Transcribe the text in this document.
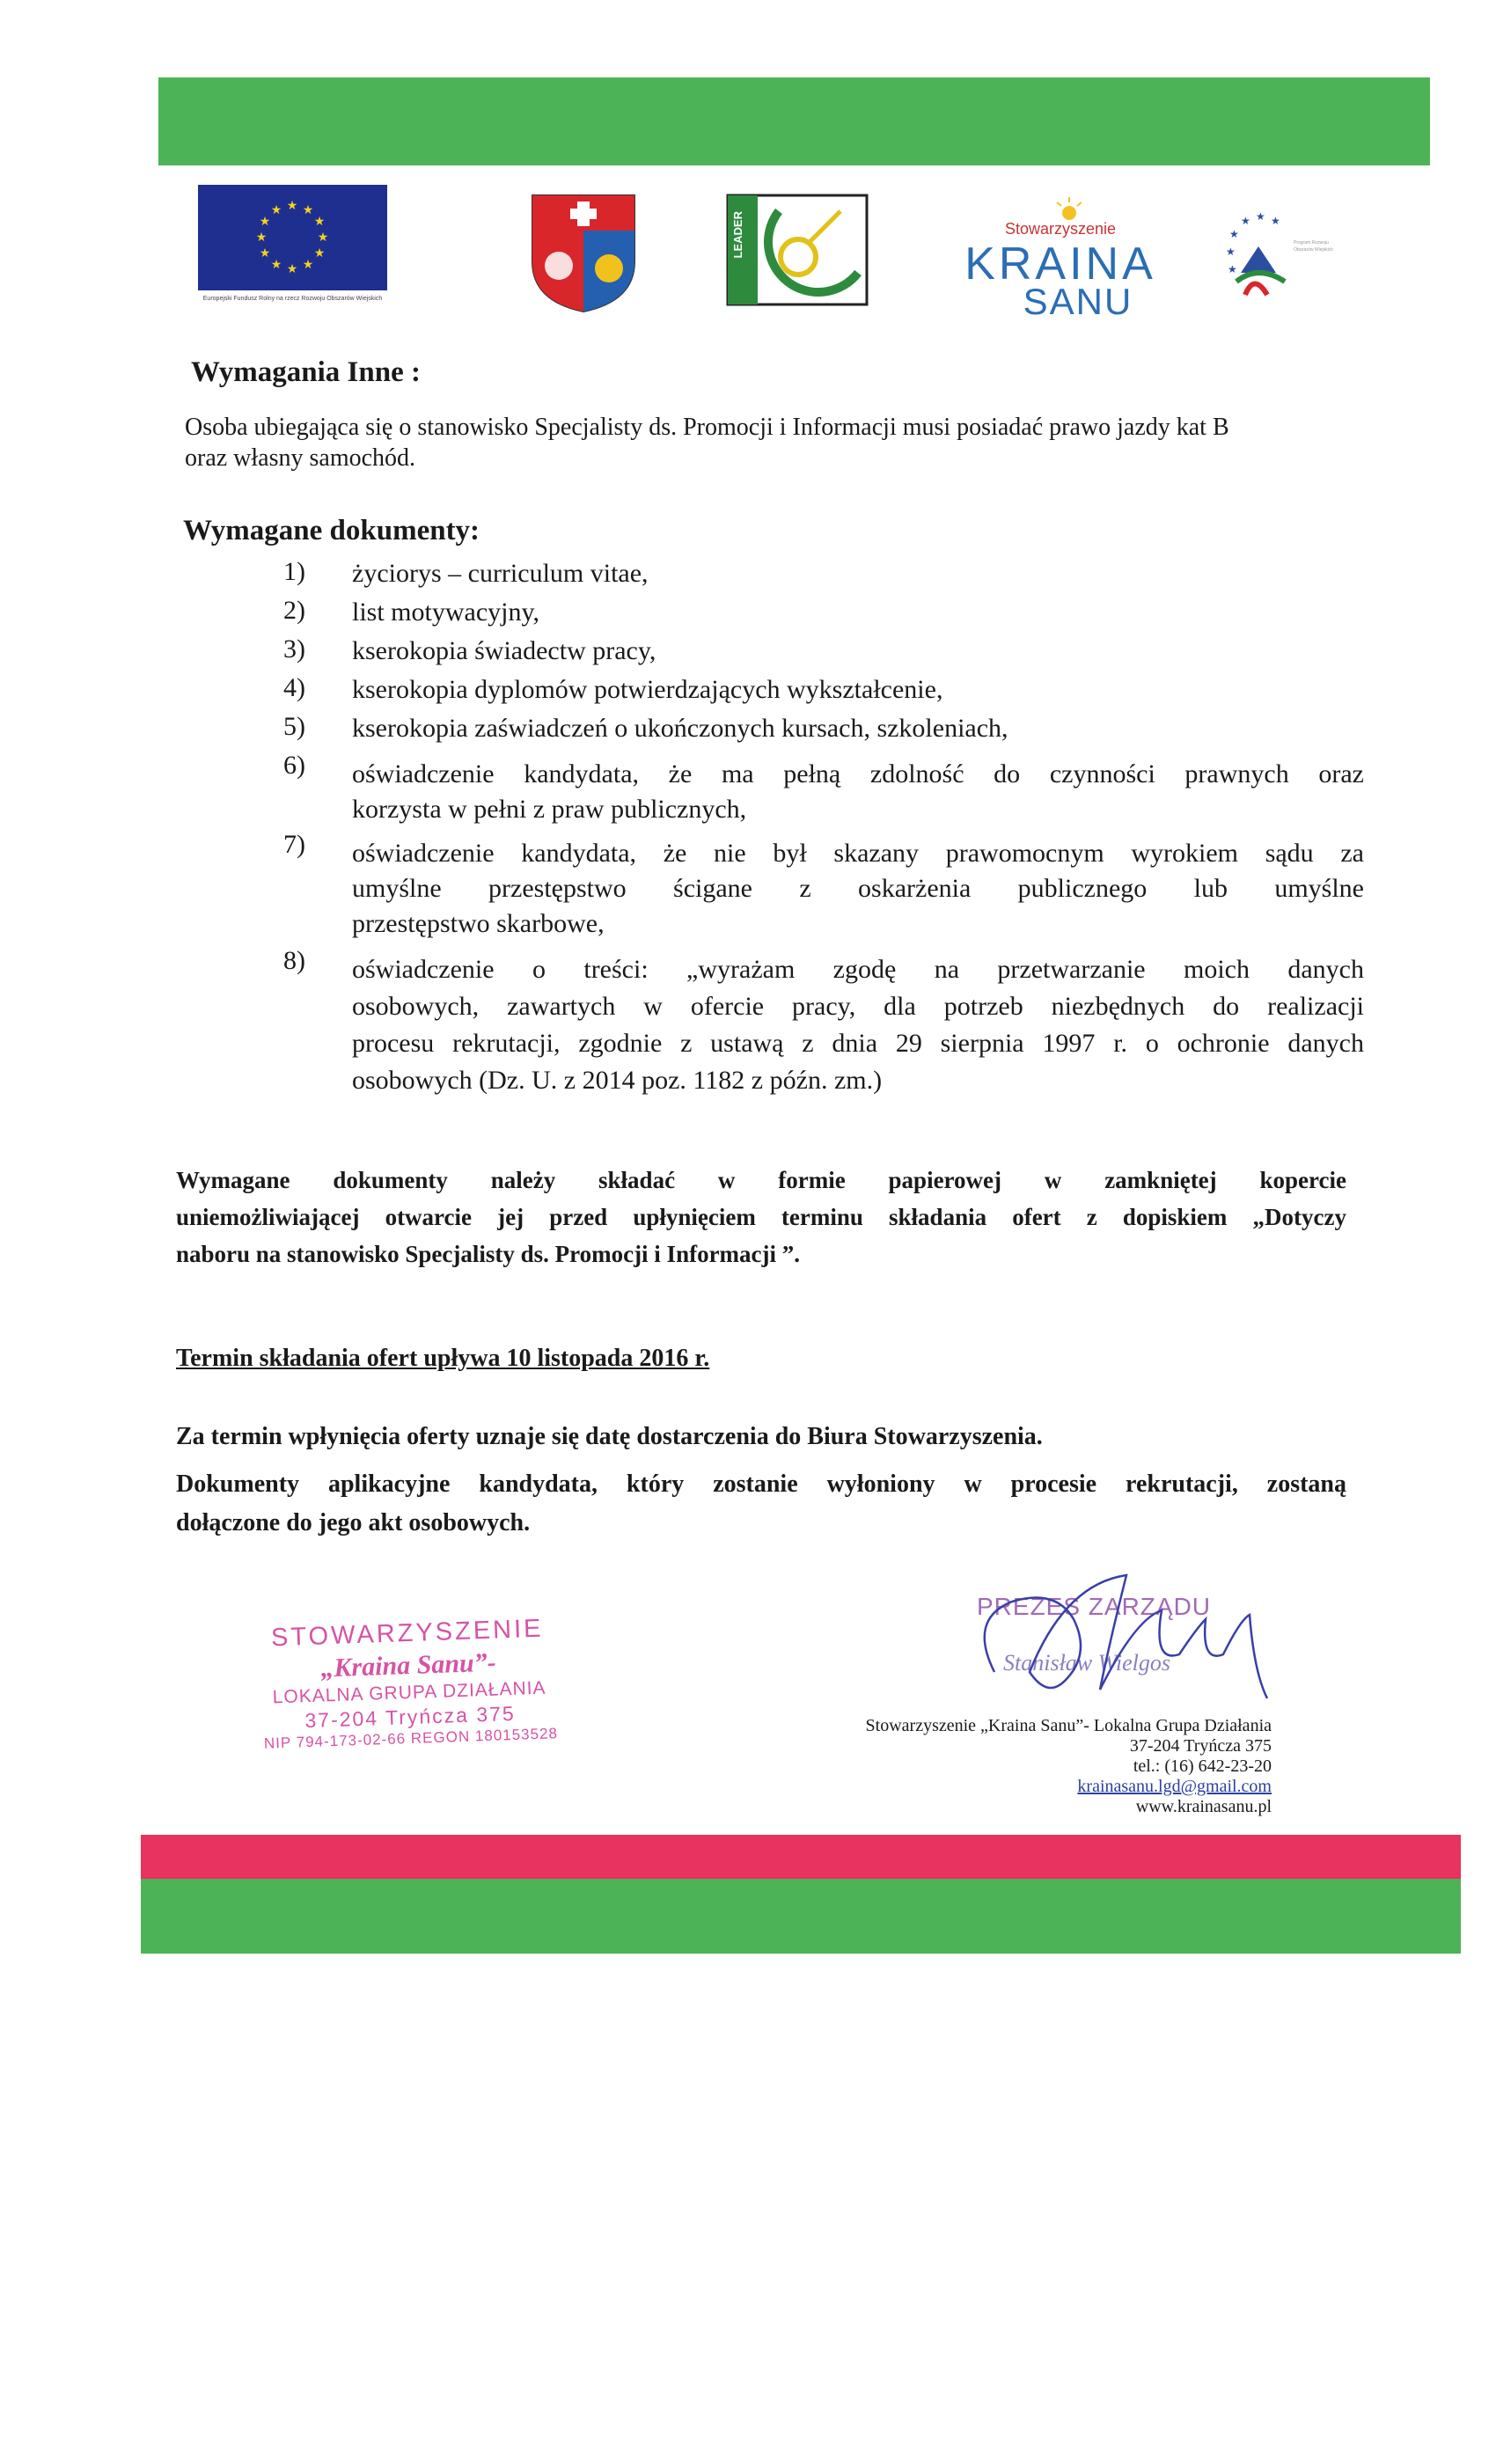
★ ★
★
★
★
★
★
★
★
★
★
★
Europejski Fundusz Rolny na rzecz Rozwoju Obszarów Wiejskich
LEADER	Stowarzyszenie
KRAINA
SANU
★
★ ★ ★
★
★
Program Rozwoju Obszarów Wiejskich
Wymagania Inne :
Osoba ubiegająca się o stanowisko Specjalisty ds. Promocji i Informacji musi posiadać prawo jazdy kat B
oraz własny samochód.
Wymagane dokumenty:
1) życiorys – curriculum vitae,
2) list motywacyjny,
3) kserokopia świadectw pracy,
4) kserokopia dyplomów potwierdzających wykształcenie,
5) kserokopia zaświadczeń o ukończonych kursach, szkoleniach,
6) oświadczenie kandydata, że ma pełną zdolność do czynności prawnych oraz
korzysta w pełni z praw publicznych,
7) oświadczenie kandydata, że nie był skazany prawomocnym wyrokiem sądu za
umyślne przestępstwo ścigane z oskarżenia publicznego lub umyślne
przestępstwo skarbowe,
8) oświadczenie o treści: „wyrażam zgodę na przetwarzanie moich danych
osobowych, zawartych w ofercie pracy, dla potrzeb niezbędnych do realizacji
procesu rekrutacji, zgodnie z ustawą z dnia 29 sierpnia 1997 r. o ochronie danych
osobowych (Dz. U. z 2014 poz. 1182 z późn. zm.)
Wymagane dokumenty należy składać w formie papierowej w zamkniętej kopercie
uniemożliwiającej otwarcie jej przed upłynięciem terminu składania ofert z dopiskiem „Dotyczy
naboru na stanowisko Specjalisty ds. Promocji i Informacji ”.
Termin składania ofert upływa 10 listopada 2016 r.
Za termin wpłynięcia oferty uznaje się datę dostarczenia do Biura Stowarzyszenia.
Dokumenty aplikacyjne kandydata, który zostanie wyłoniony w procesie rekrutacji, zostaną
dołączone do jego akt osobowych.
STOWARZYSZENIE
„Kraina Sanu”-
LOKALNA GRUPA DZIAŁANIA
37-204 Tryńcza 375
NIP 794-173-02-66 REGON 180153528
PREZES ZARZĄDU
Stanisław Wielgos
Stowarzyszenie „Kraina Sanu”- Lokalna Grupa Działania
37-204 Tryńcza 375
tel.: (16) 642-23-20
krainasanu.lgd@gmail.com
www.krainasanu.pl
